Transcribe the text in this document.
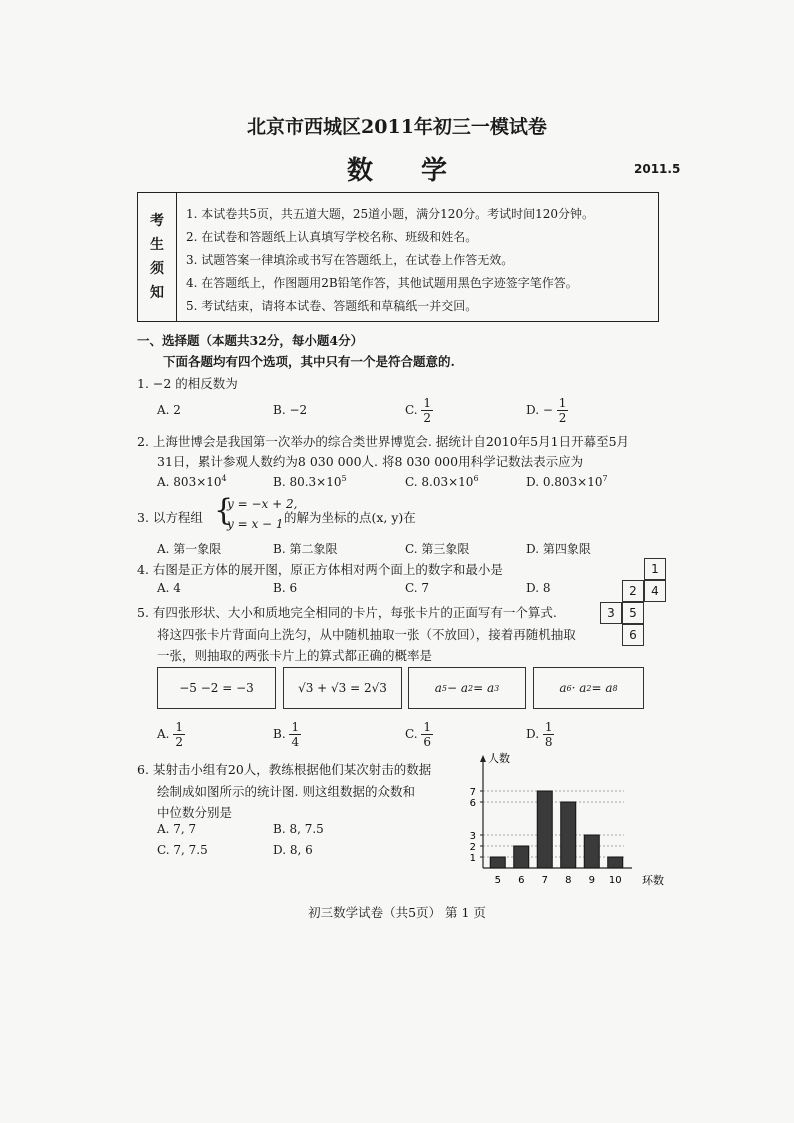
北京市西城区2011年初三一模试卷
数学	2011.5
考
生
须
知
1. 本试卷共5页，共五道大题，25道小题，满分120分。考试时间120分钟。
2. 在试卷和答题纸上认真填写学校名称、班级和姓名。
3. 试题答案一律填涂或书写在答题纸上，在试卷上作答无效。
4. 在答题纸上，作图题用2B铅笔作答，其他试题用黑色字迹签字笔作答。
5. 考试结束，请将本试卷、答题纸和草稿纸一并交回。
一、选择题（本题共32分，每小题4分）
下面各题均有四个选项，其中只有一个是符合题意的.
1. −2 的相反数为
A. 2	B. −2	C. $\frac{1}{2}$	D. − $\frac{1}{2}$
2. 上海世博会是我国第一次举办的综合类世界博览会. 据统计自2010年5月1日开幕至5月
31日，累计参观人数约为8 030 000人. 将8 030 000用科学记数法表示应为
A. $803\times 10^4$	B. $80.3\times 10^5$	C. $8.03\times 10^6$	D. $0.803\times 10^7$
3. 以方程组 {
y = −x + 2,
y = x − 1 的解为坐标的点(x, y)在
A. 第一象限	B. 第二象限	C. 第三象限	D. 第四象限
4. 右图是正方体的展开图，原正方体相对两个面上的数字和最小是
A. 4	B. 6	C. 7	D. 8
1
2	4
3	5
6
5. 有四张形状、大小和质地完全相同的卡片，每张卡片的正面写有一个算式.
将这四张卡片背面向上洗匀，从中随机抽取一张（不放回），接着再随机抽取
一张，则抽取的两张卡片上的算式都正确的概率是
−5 −2 = −3	√3 + √3 = 2√3	a 5 − a 2 = a 3	a 6 · a 2 = a 8
A. $\frac{1}{2}$	B. $\frac{1}{4}$	C. $\frac{1}{6}$	D. $\frac{1}{8}$
6. 某射击小组有20人，教练根据他们某次射击的数据
绘制成如图所示的统计图. 则这组数据的众数和
中位数分别是
A. 7, 7	B. 8, 7.5
C. 7, 7.5	D. 8, 6
人数
环数
1
2
3
6
7
5 6 7 8 9 10
初三数学试卷（共5页） 第 1 页
